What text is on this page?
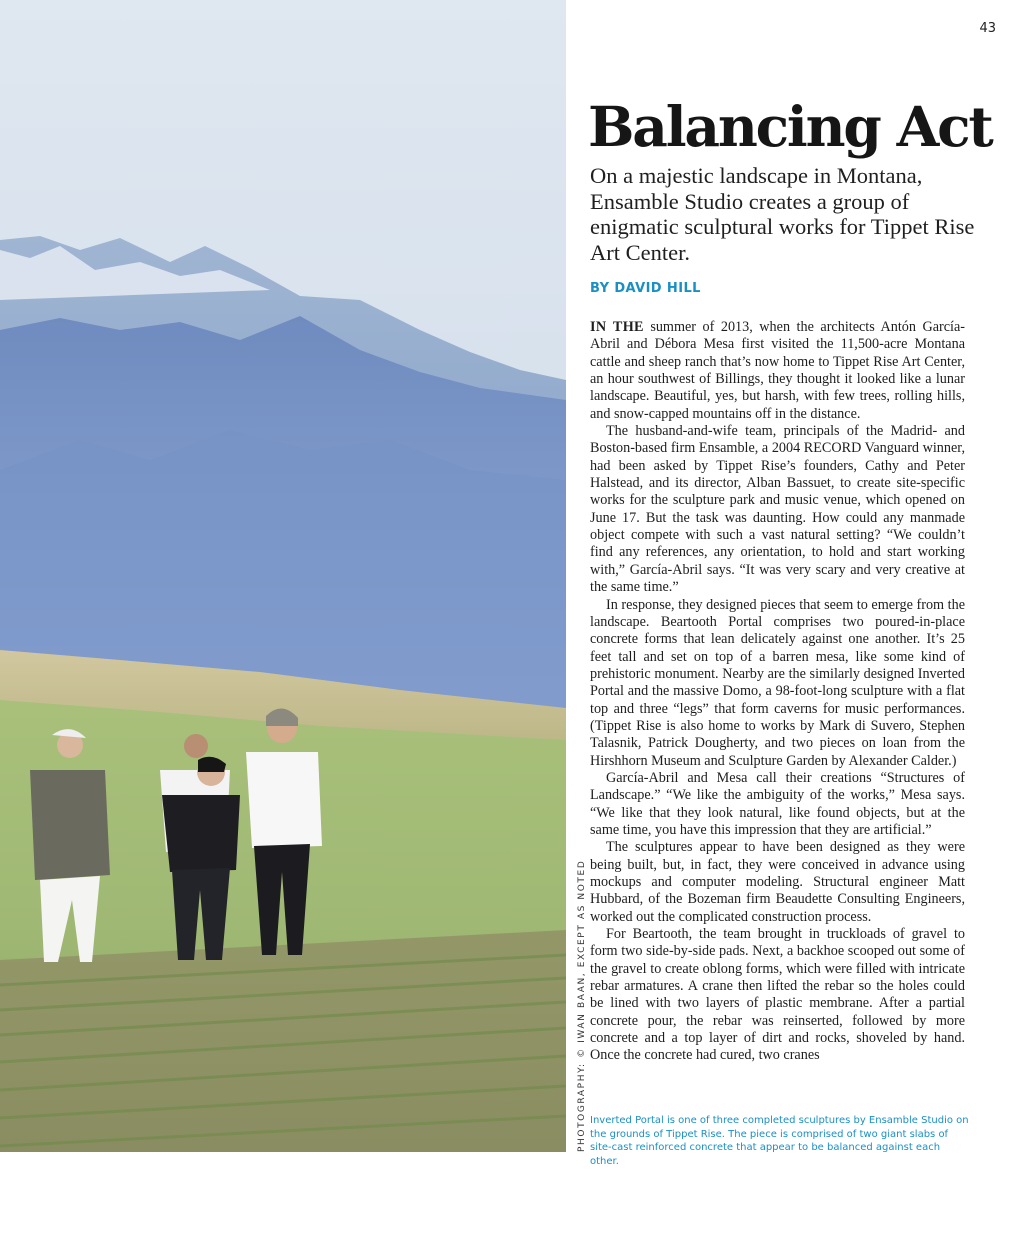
43
PHOTOGRAPHY: © IWAN BAAN, EXCEPT AS NOTED
Balancing Act

On a majestic landscape in Montana, Ensamble Studio creates a group of enigmatic sculptural works for Tippet Rise Art Center.

BY DAVID HILL

IN THE summer of 2013, when the architects Antón García-Abril and Débora Mesa first visited the 11,500-acre Montana cattle and sheep ranch that’s now home to Tippet Rise Art Center, an hour southwest of Billings, they thought it looked like a lunar landscape. Beautiful, yes, but harsh, with few trees, rolling hills, and snow-capped mountains off in the distance.

The husband-and-wife team, principals of the Madrid- and Boston-based firm Ensamble, a 2004 RECORD Vanguard winner, had been asked by Tippet Rise’s founders, Cathy and Peter Halstead, and its director, Alban Bassuet, to create site-specific works for the sculpture park and music venue, which opened on June 17. But the task was daunting. How could any manmade object compete with such a vast natural setting? “We couldn’t find any references, any orientation, to hold and start working with,” García-Abril says. “It was very scary and very creative at the same time.”

In response, they designed pieces that seem to emerge from the landscape. Beartooth Portal comprises two poured-in-place concrete forms that lean delicately against one another. It’s 25 feet tall and set on top of a barren mesa, like some kind of prehistoric monument. Nearby are the similarly designed Inverted Portal and the massive Domo, a 98-foot-long sculpture with a flat top and three “legs” that form caverns for music performances. (Tippet Rise is also home to works by Mark di Suvero, Stephen Talasnik, Patrick Dougherty, and two pieces on loan from the Hirshhorn Museum and Sculpture Garden by Alexander Calder.)

García-Abril and Mesa call their creations “Structures of Landscape.” “We like the ambiguity of the works,” Mesa says. “We like that they look natural, like found objects, but at the same time, you have this impression that they are artificial.”

The sculptures appear to have been designed as they were being built, but, in fact, they were conceived in advance using mockups and computer modeling. Structural engineer Matt Hubbard, of the Bozeman firm Beaudette Consulting Engineers, worked out the complicated construction process.

For Beartooth, the team brought in truckloads of gravel to form two side-by-side pads. Next, a backhoe scooped out some of the gravel to create oblong forms, which were filled with intricate rebar armatures. A crane then lifted the rebar so the holes could be lined with two layers of plastic membrane. After a partial concrete pour, the rebar was reinserted, followed by more concrete and a top layer of dirt and rocks, shoveled by hand. Once the concrete had cured, two cranes

Inverted Portal is one of three completed sculptures by Ensamble Studio on the grounds of Tippet Rise. The piece is comprised of two giant slabs of site-cast reinforced concrete that appear to be balanced against each other.
